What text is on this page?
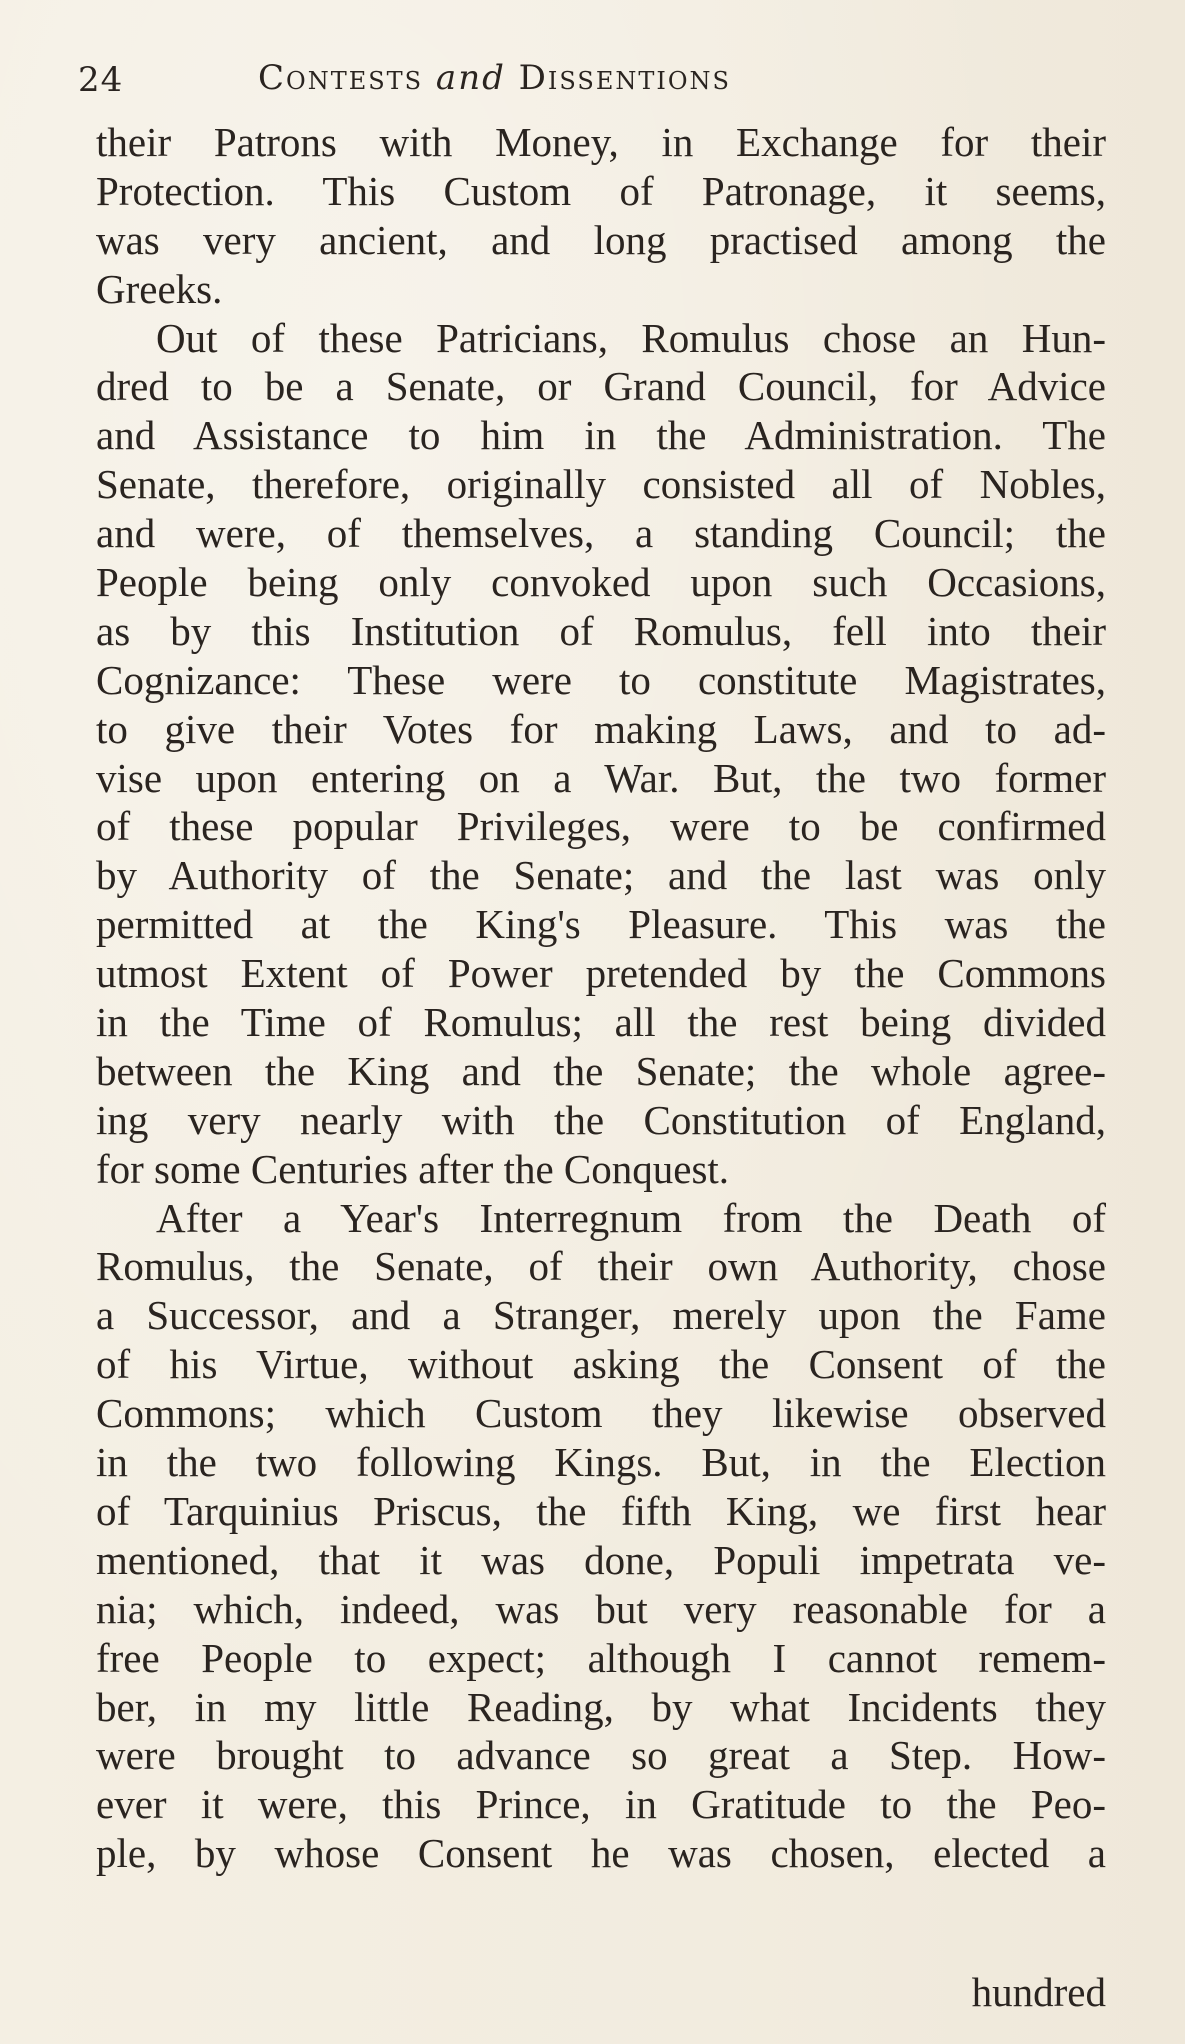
24	Contests and Dissentions
their Patrons with Money, in Exchange for their
Protection. This Custom of Patronage, it seems,
was very ancient, and long practised among the
Greeks.
Out of these Patricians, Romulus chose an Hun-
dred to be a Senate, or Grand Council, for Advice
and Assistance to him in the Administration. The
Senate, therefore, originally consisted all of Nobles,
and were, of themselves, a standing Council; the
People being only convoked upon such Occasions,
as by this Institution of Romulus, fell into their
Cognizance: These were to constitute Magistrates,
to give their Votes for making Laws, and to ad-
vise upon entering on a War. But, the two former
of these popular Privileges, were to be confirmed
by Authority of the Senate; and the last was only
permitted at the King's Pleasure. This was the
utmost Extent of Power pretended by the Commons
in the Time of Romulus; all the rest being divided
between the King and the Senate; the whole agree-
ing very nearly with the Constitution of England,
for some Centuries after the Conquest.
After a Year's Interregnum from the Death of
Romulus, the Senate, of their own Authority, chose
a Successor, and a Stranger, merely upon the Fame
of his Virtue, without asking the Consent of the
Commons; which Custom they likewise observed
in the two following Kings. But, in the Election
of Tarquinius Priscus, the fifth King, we first hear
mentioned, that it was done, Populi impetrata ve-
nia; which, indeed, was but very reasonable for a
free People to expect; although I cannot remem-
ber, in my little Reading, by what Incidents they
were brought to advance so great a Step. How-
ever it were, this Prince, in Gratitude to the Peo-
ple, by whose Consent he was chosen, elected a
hundred
